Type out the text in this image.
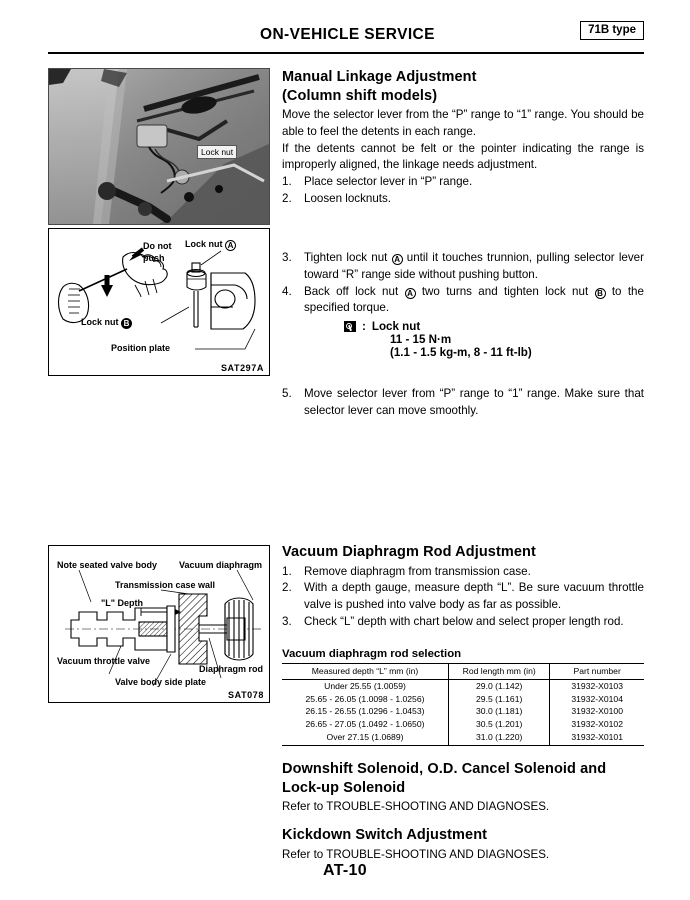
ON-VEHICLE SERVICE	71B type
Lock nut
Do not
push
Lock nut A
Lock nut B
Position plate
SAT297A
Manual Linkage Adjustment
(Column shift models)

Move the selector lever from the “P” range to “1” range. You should be able to feel the detents in each range.

If the detents cannot be felt or the pointer indicating the range is improperly aligned, the linkage needs adjustment.

1. Place selector lever in “P” range.
2. Loosen locknuts.
3. Tighten lock nut A until it touches trunnion, pulling selector lever toward “R” range side without pushing button.
4. Back off lock nut A two turns and tighten lock nut B to the specified torque.
: Lock nut
11 - 15 N·m
(1.1 - 1.5 kg-m, 8 - 11 ft-lb)
5. Move selector lever from “P” range to “1” range. Make sure that selector lever can move smoothly.
Note seated valve body Vacuum diaphragm
Transmission case wall
"L" Depth
Vacuum throttle valve
Valve body side plate
Diaphragm rod
SAT078
Vacuum Diaphragm Rod Adjustment
1. Remove diaphragm from transmission case.
2. With a depth gauge, measure depth “L”. Be sure vacuum throttle valve is pushed into valve body as far as possible.
3. Check “L” depth with chart below and select proper length rod.
Vacuum diaphragm rod selection
Measured depth “L” mm (in)	Rod length mm (in)	Part number
Under 25.55 (1.0059)	29.0 (1.142)	31932-X0103
25.65 - 26.05 (1.0098 - 1.0256)	29.5 (1.161)	31932-X0104
26.15 - 26.55 (1.0296 - 1.0453)	30.0 (1.181)	31932-X0100
26.65 - 27.05 (1.0492 - 1.0650)	30.5 (1.201)	31932-X0102
Over 27.15 (1.0689)	31.0 (1.220)	31932-X0101
Downshift Solenoid, O.D. Cancel Solenoid and
Lock-up Solenoid

Refer to TROUBLE-SHOOTING AND DIAGNOSES.

Kickdown Switch Adjustment

Refer to TROUBLE-SHOOTING AND DIAGNOSES.

AT-10
